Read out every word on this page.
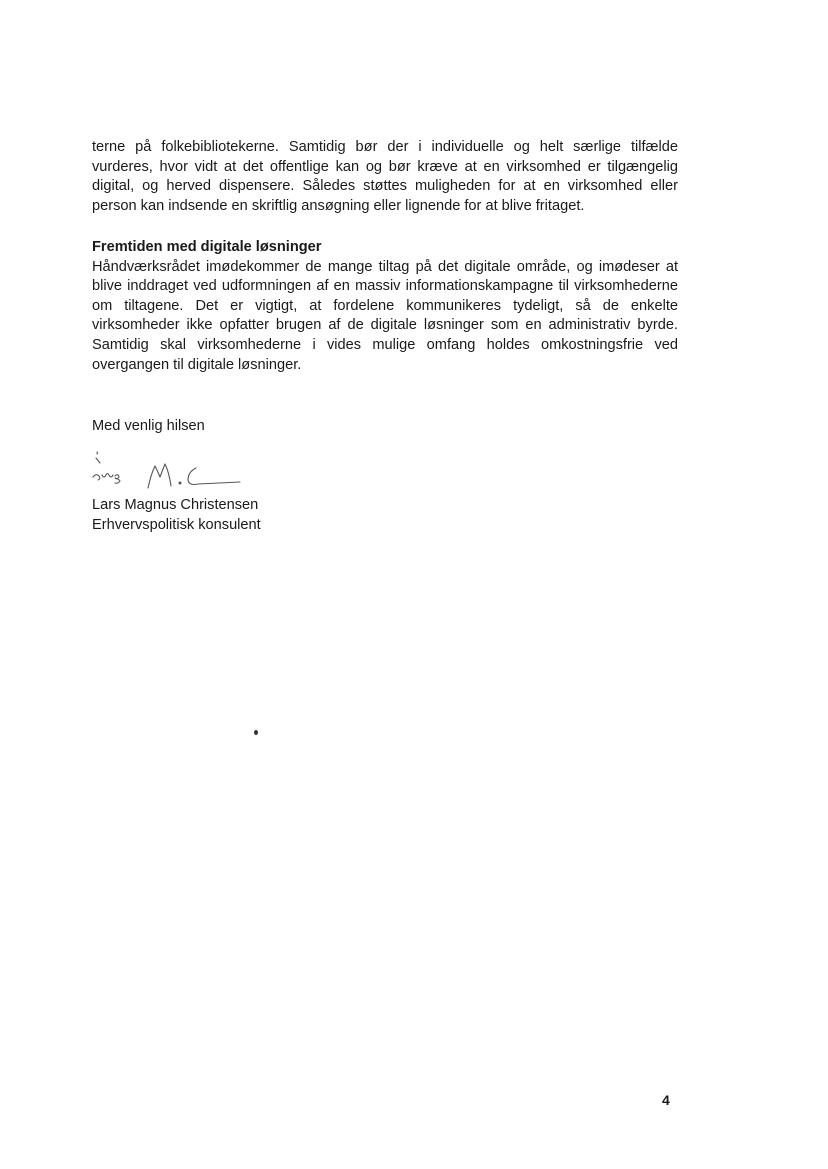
terne på folkebibliotekerne. Samtidig bør der i individuelle og helt særlige tilfælde vurderes, hvor vidt at det offentlige kan og bør kræve at en virksomhed er tilgængelig digital, og herved dispensere. Således støttes muligheden for at en virksomhed eller person kan indsende en skriftlig ansøgning eller lignende for at blive fritaget.

Fremtiden med digitale løsninger
Håndværksrådet imødekommer de mange tiltag på det digitale område, og imødeser at blive inddraget ved udformningen af en massiv informationskampagne til virksomhederne om tiltagene. Det er vigtigt, at fordelene kommunikeres tydeligt, så de enkelte virksomheder ikke opfatter brugen af de digitale løsninger som en administrativ byrde. Samtidig skal virksomhederne i vides mulige omfang holdes omkostningsfrie ved overgangen til digitale løsninger.
Med venlig hilsen
Lars Magnus Christensen
Erhvervspolitisk konsulent
4
